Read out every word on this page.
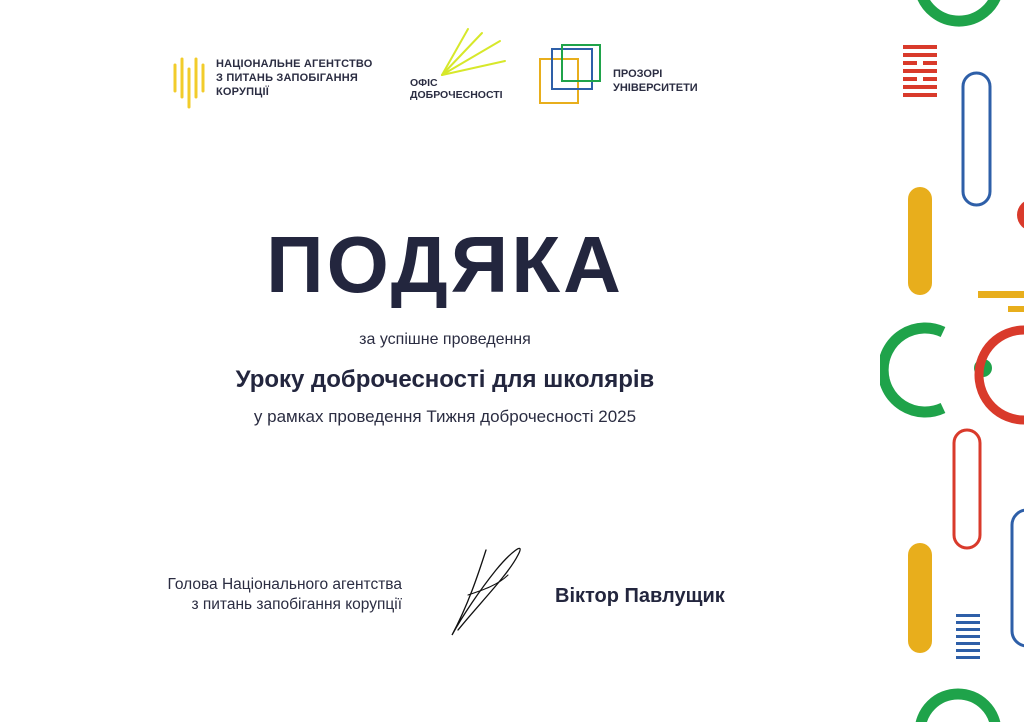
НАЦІОНАЛЬНЕ АГЕНТСТВО
З ПИТАНЬ ЗАПОБІГАННЯ
КОРУПЦІЇ
ОФІС
ДОБРОЧЕСНОСТІ
ПРОЗОРІ
УНІВЕРСИТЕТИ
ПОДЯКА
за успішне проведення
Уроку доброчесності для школярів
у рамках проведення Тижня доброчесності 2025
Голова Національного агентства
з питань запобігання корупції	Віктор Павлущик
